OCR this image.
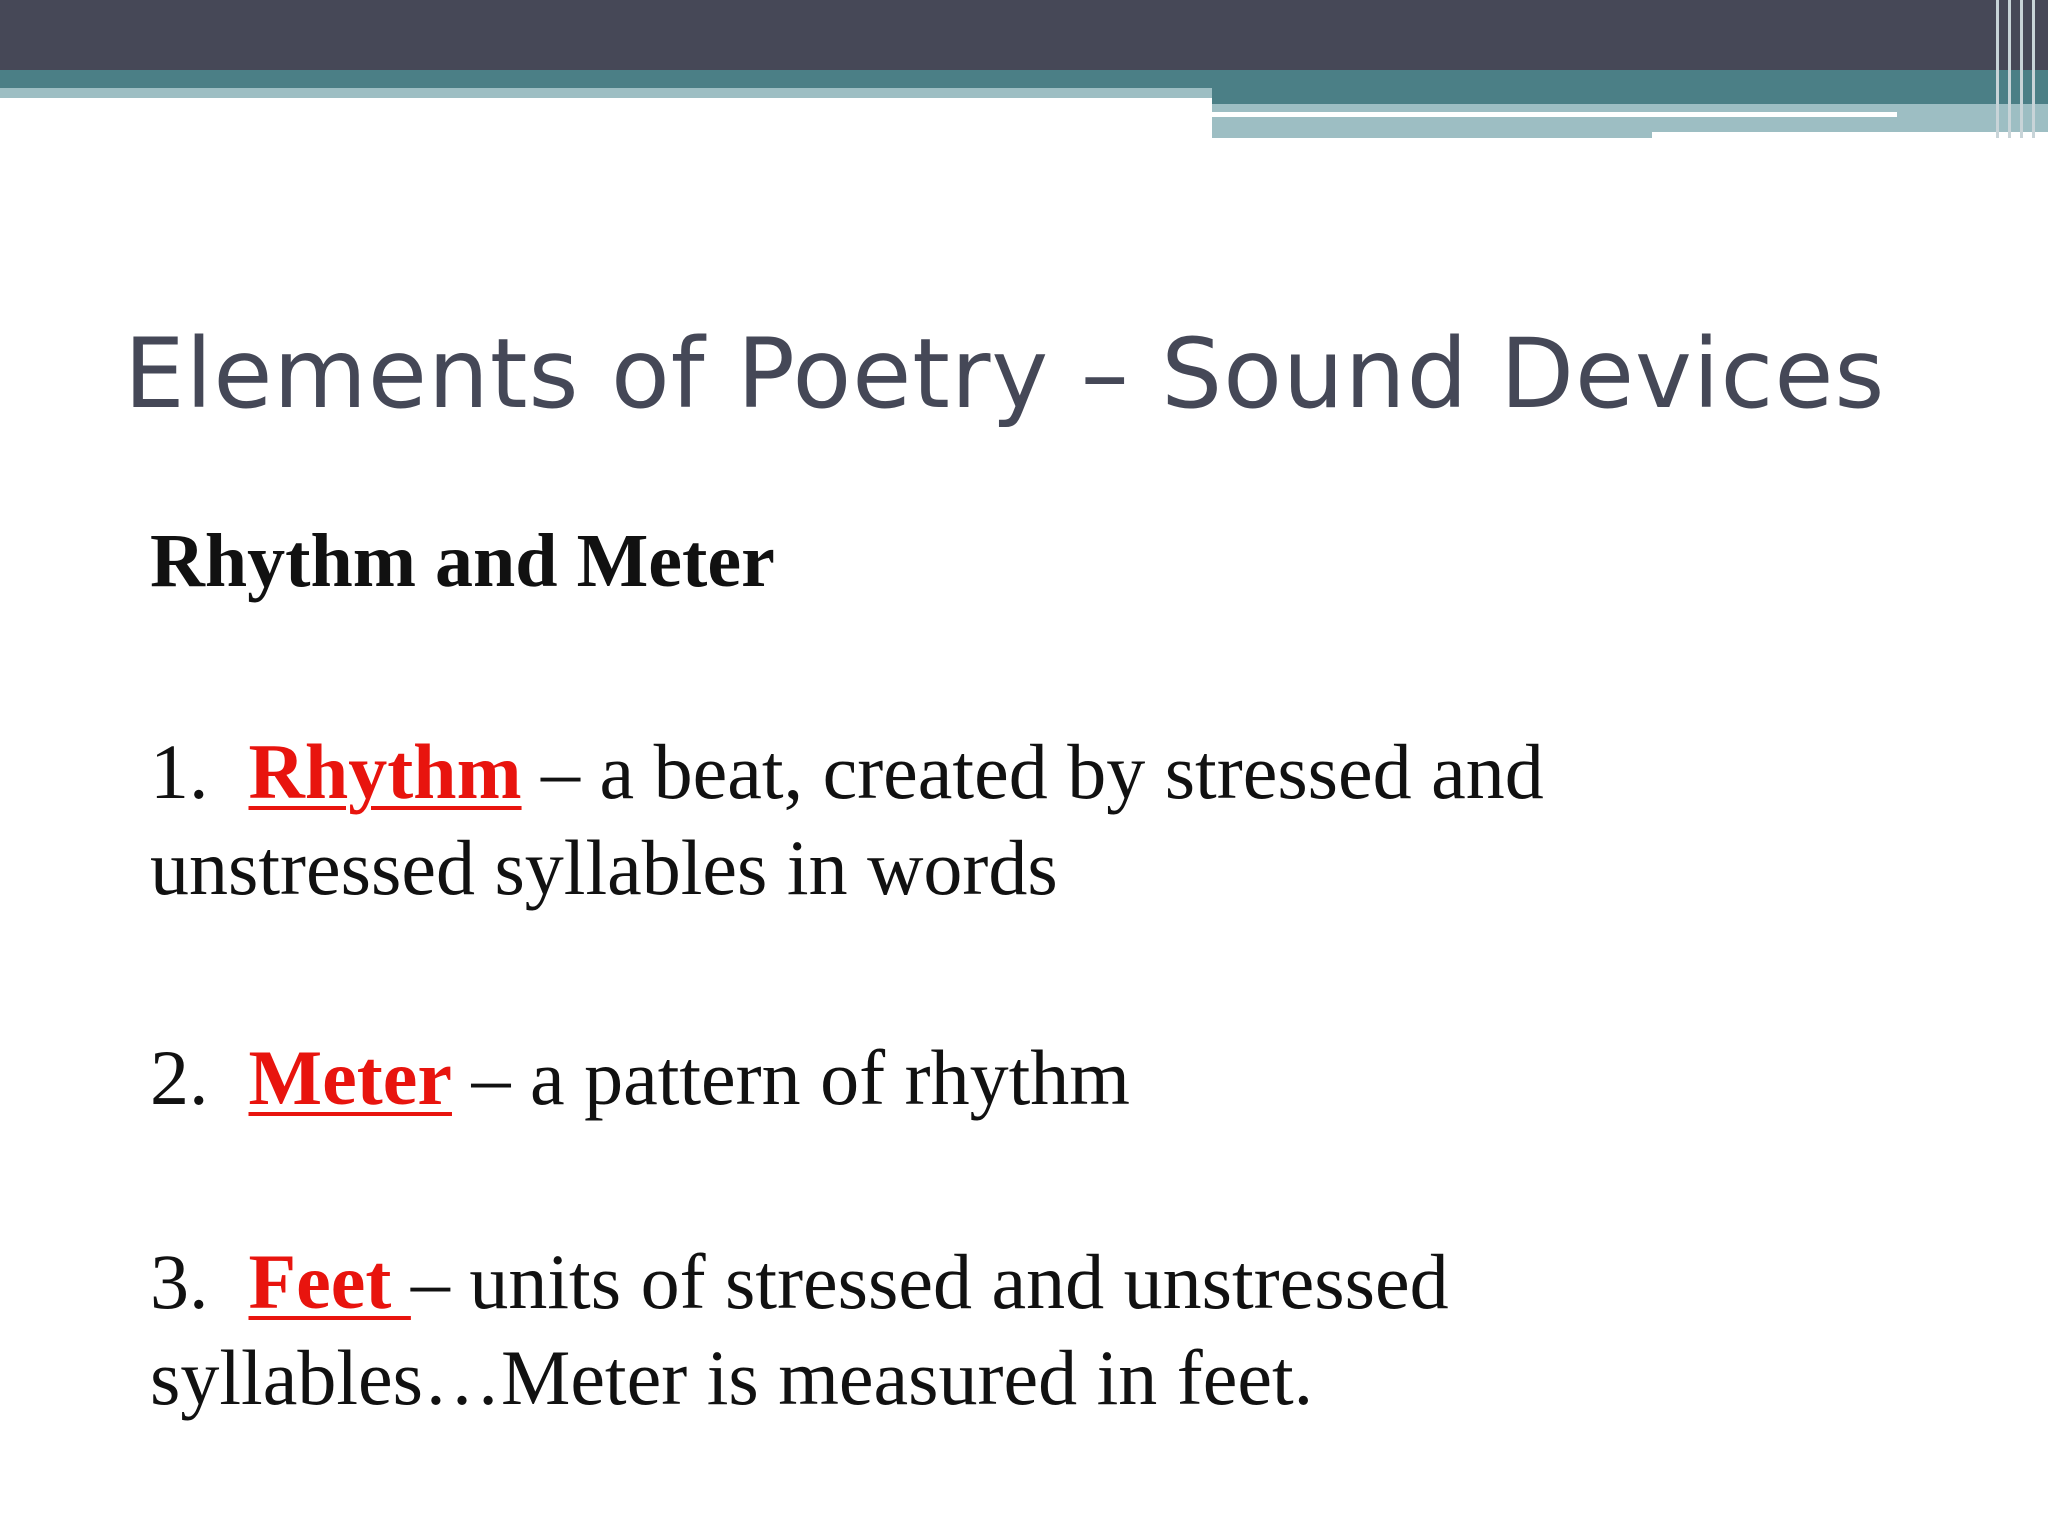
Elements of Poetry – Sound Devices
Rhythm and Meter

1. Rhythm – a beat, created by stressed and
unstressed syllables in words

2. Meter – a pattern of rhythm

3. Feet – units of stressed and unstressed
syllables…Meter is measured in feet.
